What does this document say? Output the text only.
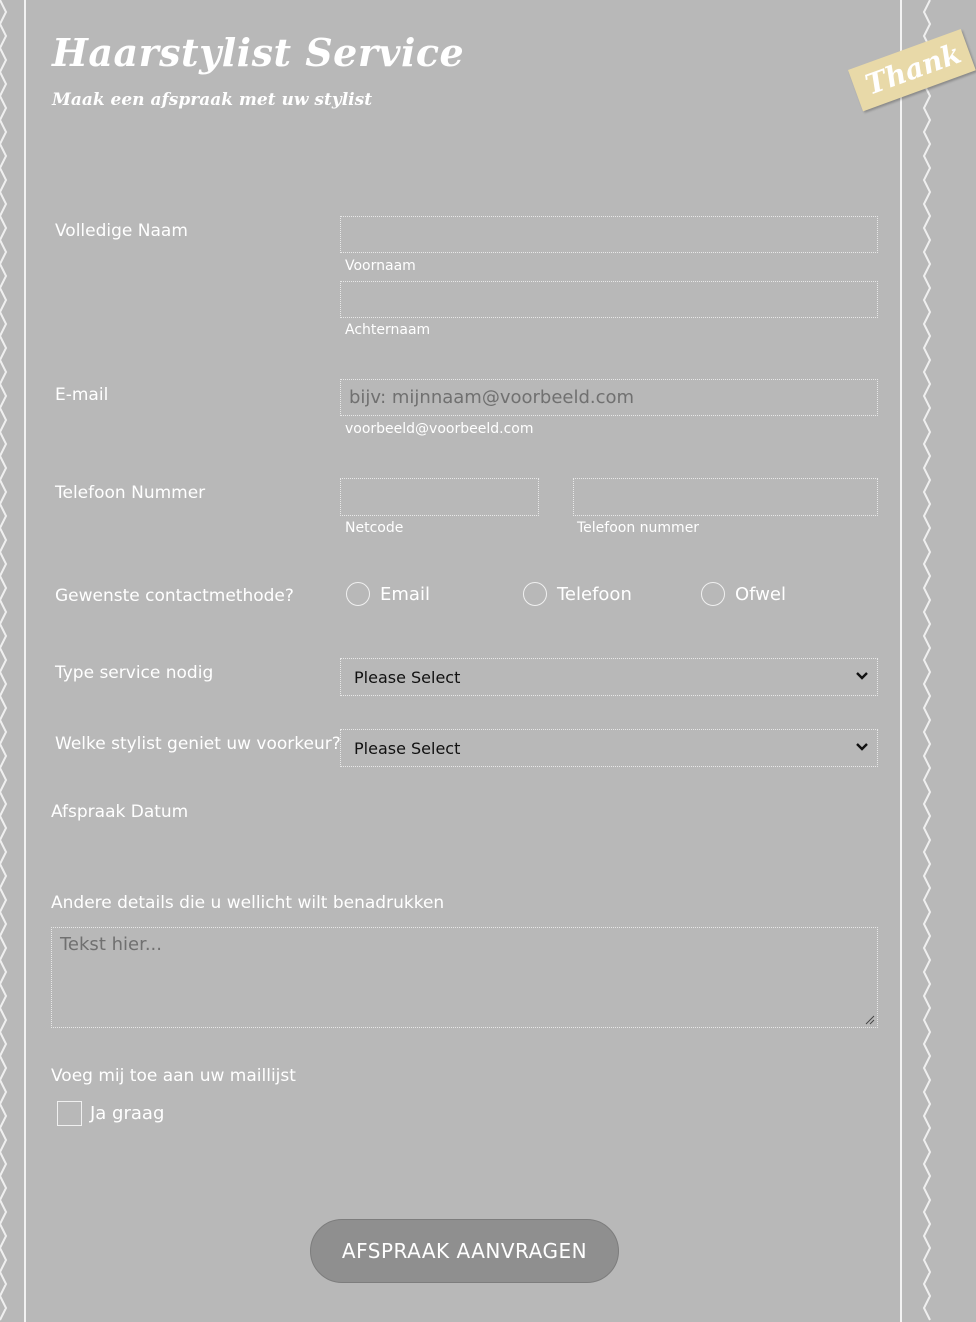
Haarstylist Service

Maak een afspraak met uw stylist	Thank
Volledige Naam
Voornaam
Achternaam
E-mail
bijv: mijnnaam@voorbeeld.com
voorbeeld@voorbeeld.com
Telefoon Nummer
Netcode	Telefoon nummer
Gewenste contactmethode?	Email	Telefoon	Ofwel
Type service nodig	Please Select
Welke stylist geniet uw voorkeur? Please Select
Afspraak Datum
Andere details die u wellicht wilt benadrukken
Tekst hier...
Voeg mij toe aan uw maillijst
Ja graag
AFSPRAAK AANVRAGEN
